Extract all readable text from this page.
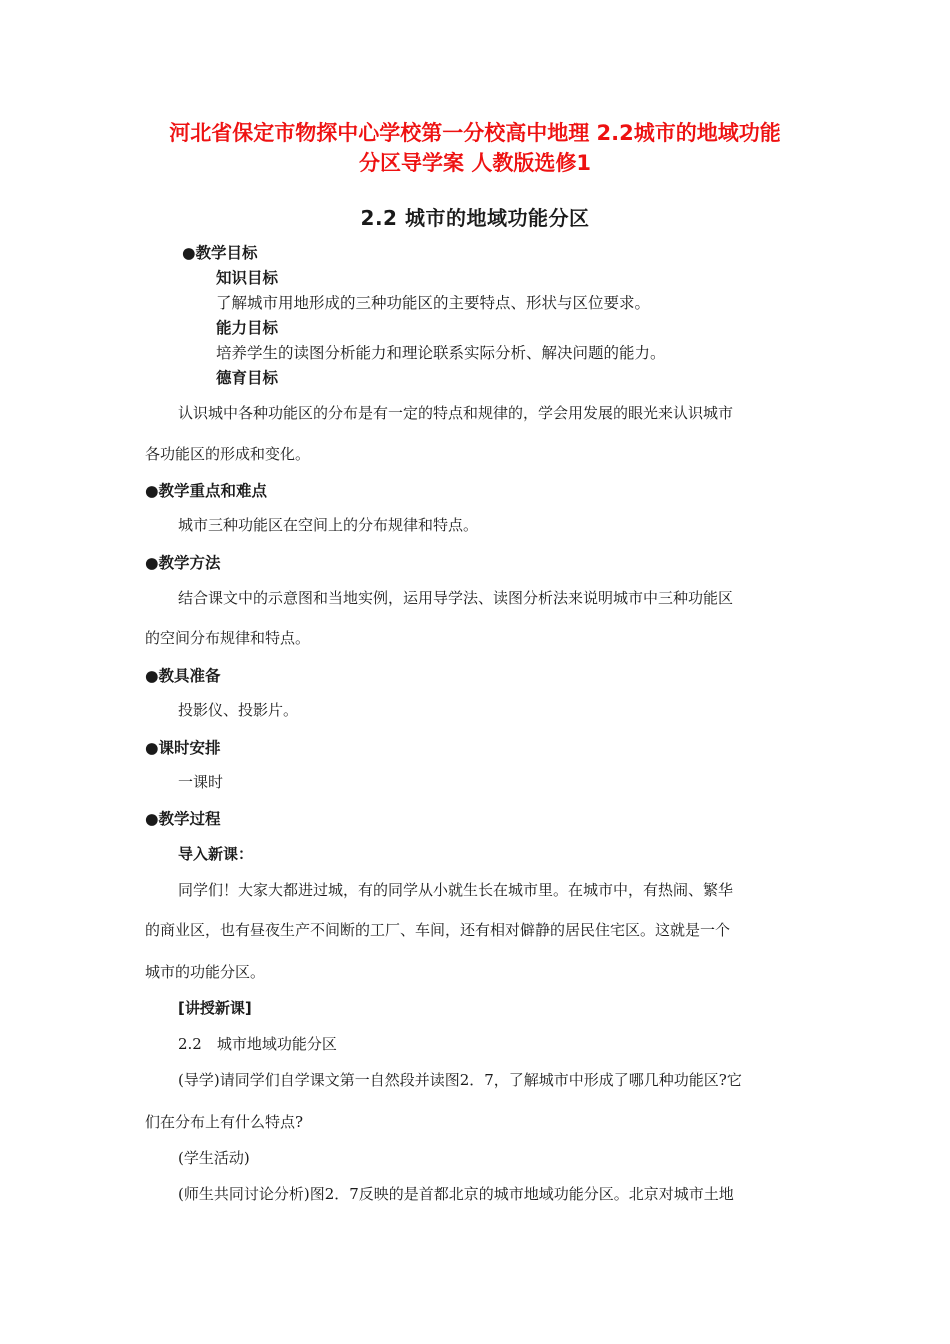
河北省保定市物探中心学校第一分校高中地理 2.2城市的地域功能
分区导学案 人教版选修1
2.2 城市的地域功能分区
●教学目标
知识目标
了解城市用地形成的三种功能区的主要特点、形状与区位要求。
能力目标
培养学生的读图分析能力和理论联系实际分析、解决问题的能力。
德育目标
认识城中各种功能区的分布是有一定的特点和规律的，学会用发展的眼光来认识城市
各功能区的形成和变化。
●教学重点和难点
城市三种功能区在空间上的分布规律和特点。
●教学方法
结合课文中的示意图和当地实例，运用导学法、读图分析法来说明城市中三种功能区
的空间分布规律和特点。
●教具准备
投影仪、投影片。
●课时安排
一课时
●教学过程
导入新课：
同学们！大家大都进过城，有的同学从小就生长在城市里。在城市中，有热闹、繁华
的商业区，也有昼夜生产不间断的工厂、车间，还有相对僻静的居民住宅区。这就是一个
城市的功能分区。
[讲授新课]
2.2　城市地域功能分区
(导学)请同学们自学课文第一自然段并读图2．7，了解城市中形成了哪几种功能区?它
们在分布上有什么特点?
(学生活动)
(师生共同讨论分析)图2．7反映的是首都北京的城市地域功能分区。北京对城市土地
